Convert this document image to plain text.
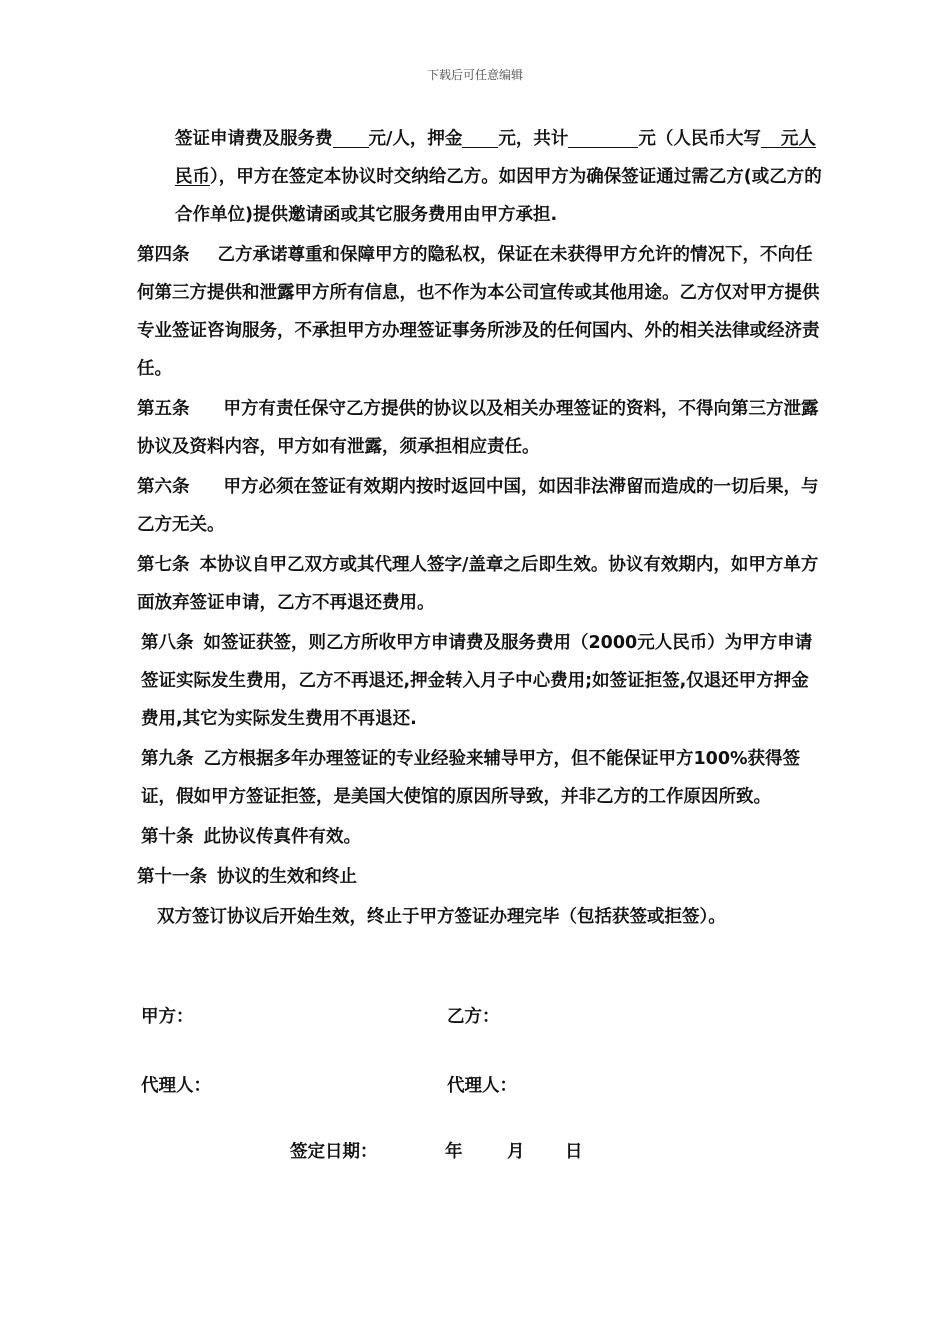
下载后可任意编辑

签证申请费及服务费 元/人，押金 元，共计	元（人民币大写 元人民币），甲方在签定本协议时交纳给乙方。如因甲方为确保签证通过需乙方(或乙方的合作单位)提供邀请函或其它服务费用由甲方承担.

第四条 乙方承诺尊重和保障甲方的隐私权，保证在未获得甲方允许的情况下，不向任何第三方提供和泄露甲方所有信息，也不作为本公司宣传或其他用途。乙方仅对甲方提供专业签证咨询服务，不承担甲方办理签证事务所涉及的任何国内、外的相关法律或经济责任。

第五条 甲方有责任保守乙方提供的协议以及相关办理签证的资料，不得向第三方泄露协议及资料内容，甲方如有泄露，须承担相应责任。

第六条 甲方必须在签证有效期内按时返回中国，如因非法滞留而造成的一切后果，与乙方无关。

第七条 本协议自甲乙双方或其代理人签字/盖章之后即生效。协议有效期内，如甲方单方面放弃签证申请，乙方不再退还费用。

第八条 如签证获签，则乙方所收甲方申请费及服务费用（2000元人民币）为甲方申请签证实际发生费用，乙方不再退还,押金转入月子中心费用;如签证拒签,仅退还甲方押金费用,其它为实际发生费用不再退还.

第九条 乙方根据多年办理签证的专业经验来辅导甲方，但不能保证甲方100%获得签证，假如甲方签证拒签，是美国大使馆的原因所导致，并非乙方的工作原因所致。

第十条 此协议传真件有效。

第十一条 协议的生效和终止

双方签订协议后开始生效，终止于甲方签证办理完毕（包括获签或拒签）。

甲方：	乙方：
代理人：	代理人：
签定日期：	年	月 日
